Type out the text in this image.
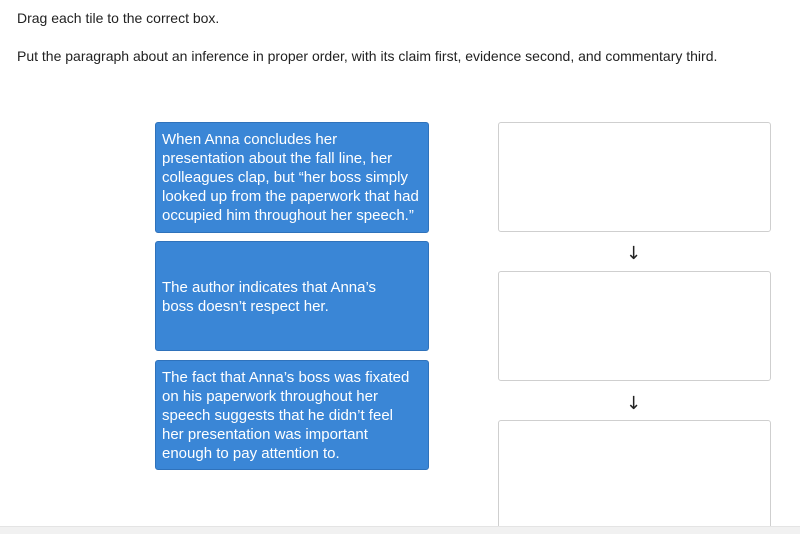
Drag each tile to the correct box.
Put the paragraph about an inference in proper order, with its claim first, evidence second, and commentary third.
When Anna concludes her presentation about the fall line, her colleagues clap, but “her boss simply looked up from the paperwork that had occupied him throughout her speech.”
The author indicates that Anna’s boss doesn’t respect her.
The fact that Anna’s boss was fixated on his paperwork throughout her speech suggests that he didn’t feel her presentation was important enough to pay attention to.
↓
↓
